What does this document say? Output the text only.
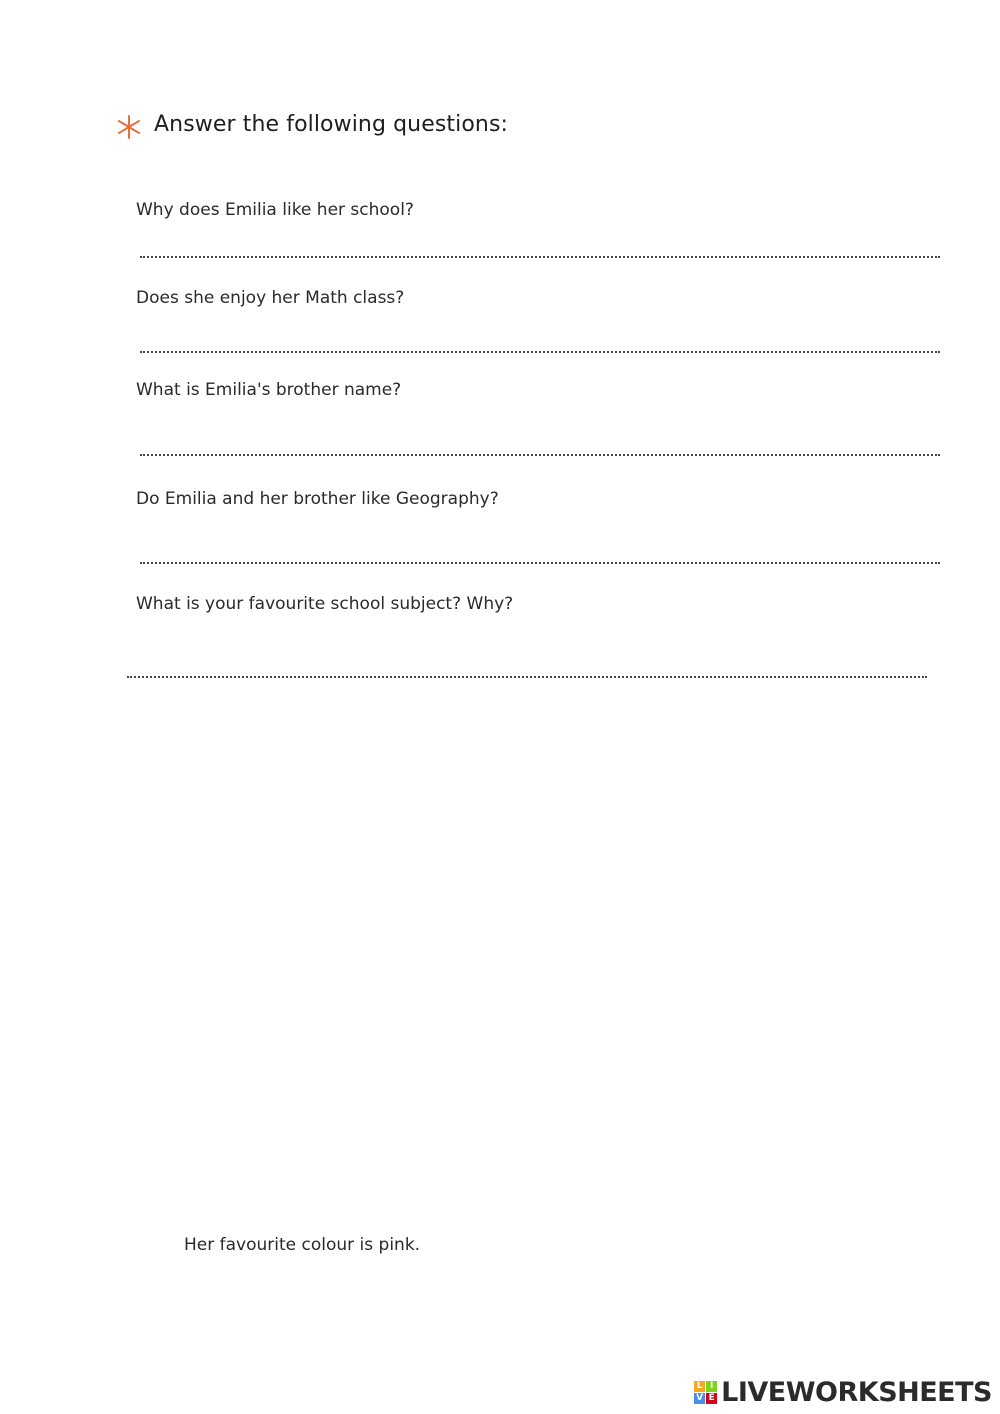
Answer the following questions:
Why does Emilia like her school?
Does she enjoy her Math class?
What is Emilia's brother name?
Do Emilia and her brother like Geography?
What is your favourite school subject? Why?
Her favourite colour is pink.
L I
V E LIVEWORKSHEETS
